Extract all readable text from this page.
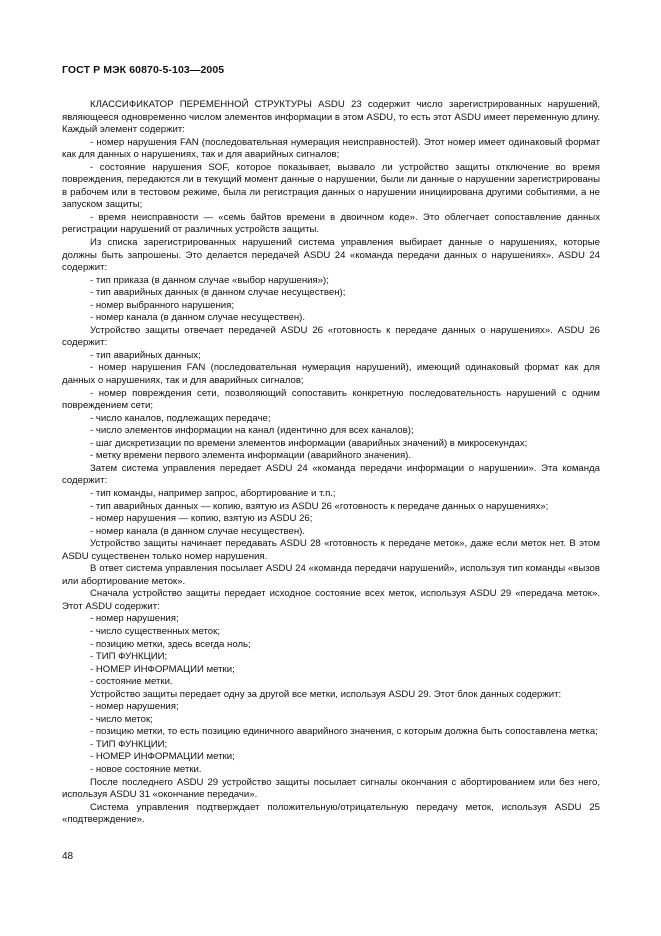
ГОСТ Р МЭК 60870-5-103—2005

КЛАССИФИКАТОР ПЕРЕМЕННОЙ СТРУКТУРЫ ASDU 23 содержит число зарегистрированных нарушений, являющееся одновременно числом элементов информации в этом ASDU, то есть этот ASDU имеет переменную длину. Каждый элемент содержит:

- номер нарушения FAN (последовательная нумерация неисправностей). Этот номер имеет одинаковый формат как для данных о нарушениях, так и для аварийных сигналов;

- состояние нарушения SOF, которое показывает, вызвало ли устройство защиты отключение во время повреждения, передаются ли в текущий момент данные о нарушении, были ли данные о нарушении зарегистрированы в рабочем или в тестовом режиме, была ли регистрация данных о нарушении инициирована другими событиями, а не запуском защиты;

- время неисправности — «семь байтов времени в двоичном коде». Это облегчает сопоставление данных регистрации нарушений от различных устройств защиты.

Из списка зарегистрированных нарушений система управления выбирает данные о нарушениях, которые должны быть запрошены. Это делается передачей ASDU 24 «команда передачи данных о нарушениях». ASDU 24 содержит:

- тип приказа (в данном случае «выбор нарушения»);

- тип аварийных данных (в данном случае несуществен);

- номер выбранного нарушения;

- номер канала (в данном случае несуществен).

Устройство защиты отвечает передачей ASDU 26 «готовность к передаче данных о нарушениях». ASDU 26 содержит:

- тип аварийных данных;

- номер нарушения FAN (последовательная нумерация нарушений), имеющий одинаковый формат как для данных о нарушениях, так и для аварийных сигналов;

- номер повреждения сети, позволяющий сопоставить конкретную последовательность нарушений с одним повреждением сети;

- число каналов, подлежащих передаче;

- число элементов информации на канал (идентично для всех каналов);

- шаг дискретизации по времени элементов информации (аварийных значений) в микросекундах;

- метку времени первого элемента информации (аварийного значения).

Затем система управления передает ASDU 24 «команда передачи информации о нарушении». Эта команда содержит:

- тип команды, например запрос, абортирование и т.п.;

- тип аварийных данных — копию, взятую из ASDU 26 «готовность к передаче данных о нарушениях»;

- номер нарушения — копию, взятую из ASDU 26;

- номер канала (в данном случае несуществен).

Устройство защиты начинает передавать ASDU 28 «готовность к передаче меток», даже если меток нет. В этом ASDU существенен только номер нарушения.

В ответ система управления посылает ASDU 24 «команда передачи нарушений», используя тип команды «вызов или абортирование меток».

Сначала устройство защиты передает исходное состояние всех меток, используя ASDU 29 «передача меток». Этот ASDU содержит:

- номер нарушения;

- число существенных меток;

- позицию метки, здесь всегда ноль;

- ТИП ФУНКЦИИ;

- НОМЕР ИНФОРМАЦИИ метки;

- состояние метки.

Устройство защиты передает одну за другой все метки, используя ASDU 29. Этот блок данных содержит:

- номер нарушения;

- число меток;

- позицию метки, то есть позицию единичного аварийного значения, с которым должна быть сопоставлена метка;

- ТИП ФУНКЦИИ;

- НОМЕР ИНФОРМАЦИИ метки;

- новое состояние метки.

После последнего ASDU 29 устройство защиты посылает сигналы окончания с абортированием или без него, используя ASDU 31 «окончание передачи».

Система управления подтверждает положительную/отрицательную передачу меток, используя ASDU 25 «подтверждение».

48
